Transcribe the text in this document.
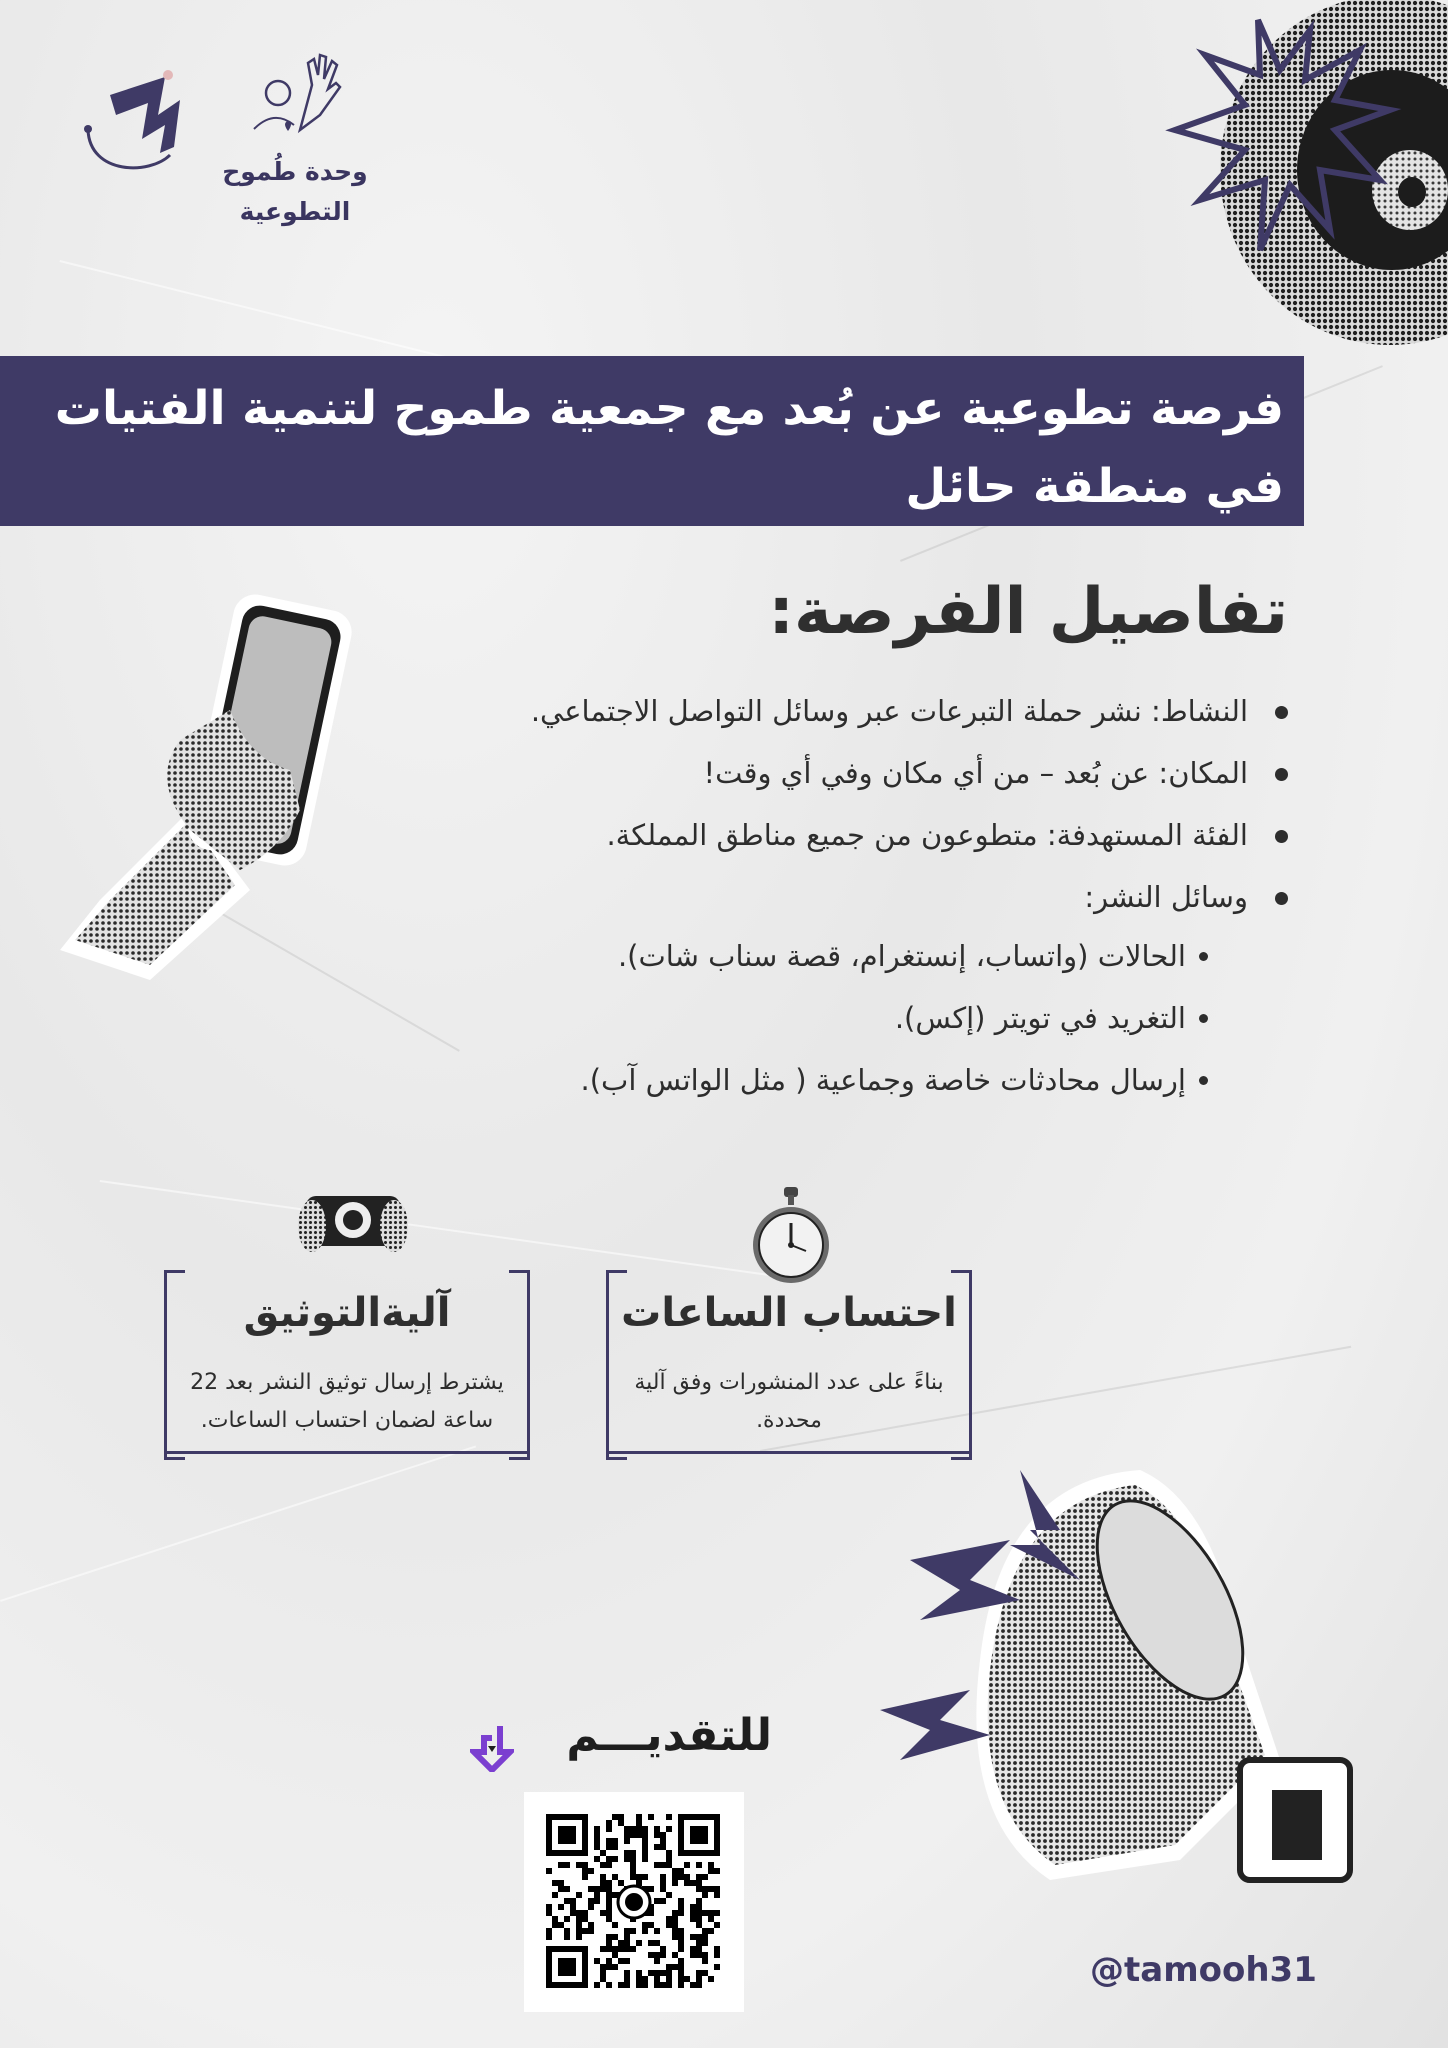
وحدة طُموح
التطوعية
فرصة تطوعية عن بُعد مع جمعية طموح لتنمية الفتيات
في منطقة حائل
تفاصيل الفرصة:
النشاط: نشر حملة التبرعات عبر وسائل التواصل الاجتماعي.
المكان: عن بُعد – من أي مكان وفي أي وقت!
الفئة المستهدفة: متطوعون من جميع مناطق المملكة.
وسائل النشر:
الحالات (واتساب، إنستغرام، قصة سناب شات).
التغريد في تويتر (إكس).
إرسال محادثات خاصة وجماعية ( مثل الواتس آب).
احتساب الساعات

بناءً على عدد المنشورات وفق آلية محددة.

آليةالتوثيق

يشترط إرسال توثيق النشر بعد 22 ساعة لضمان احتساب الساعات.

للتقديـــم
@tamooh31
